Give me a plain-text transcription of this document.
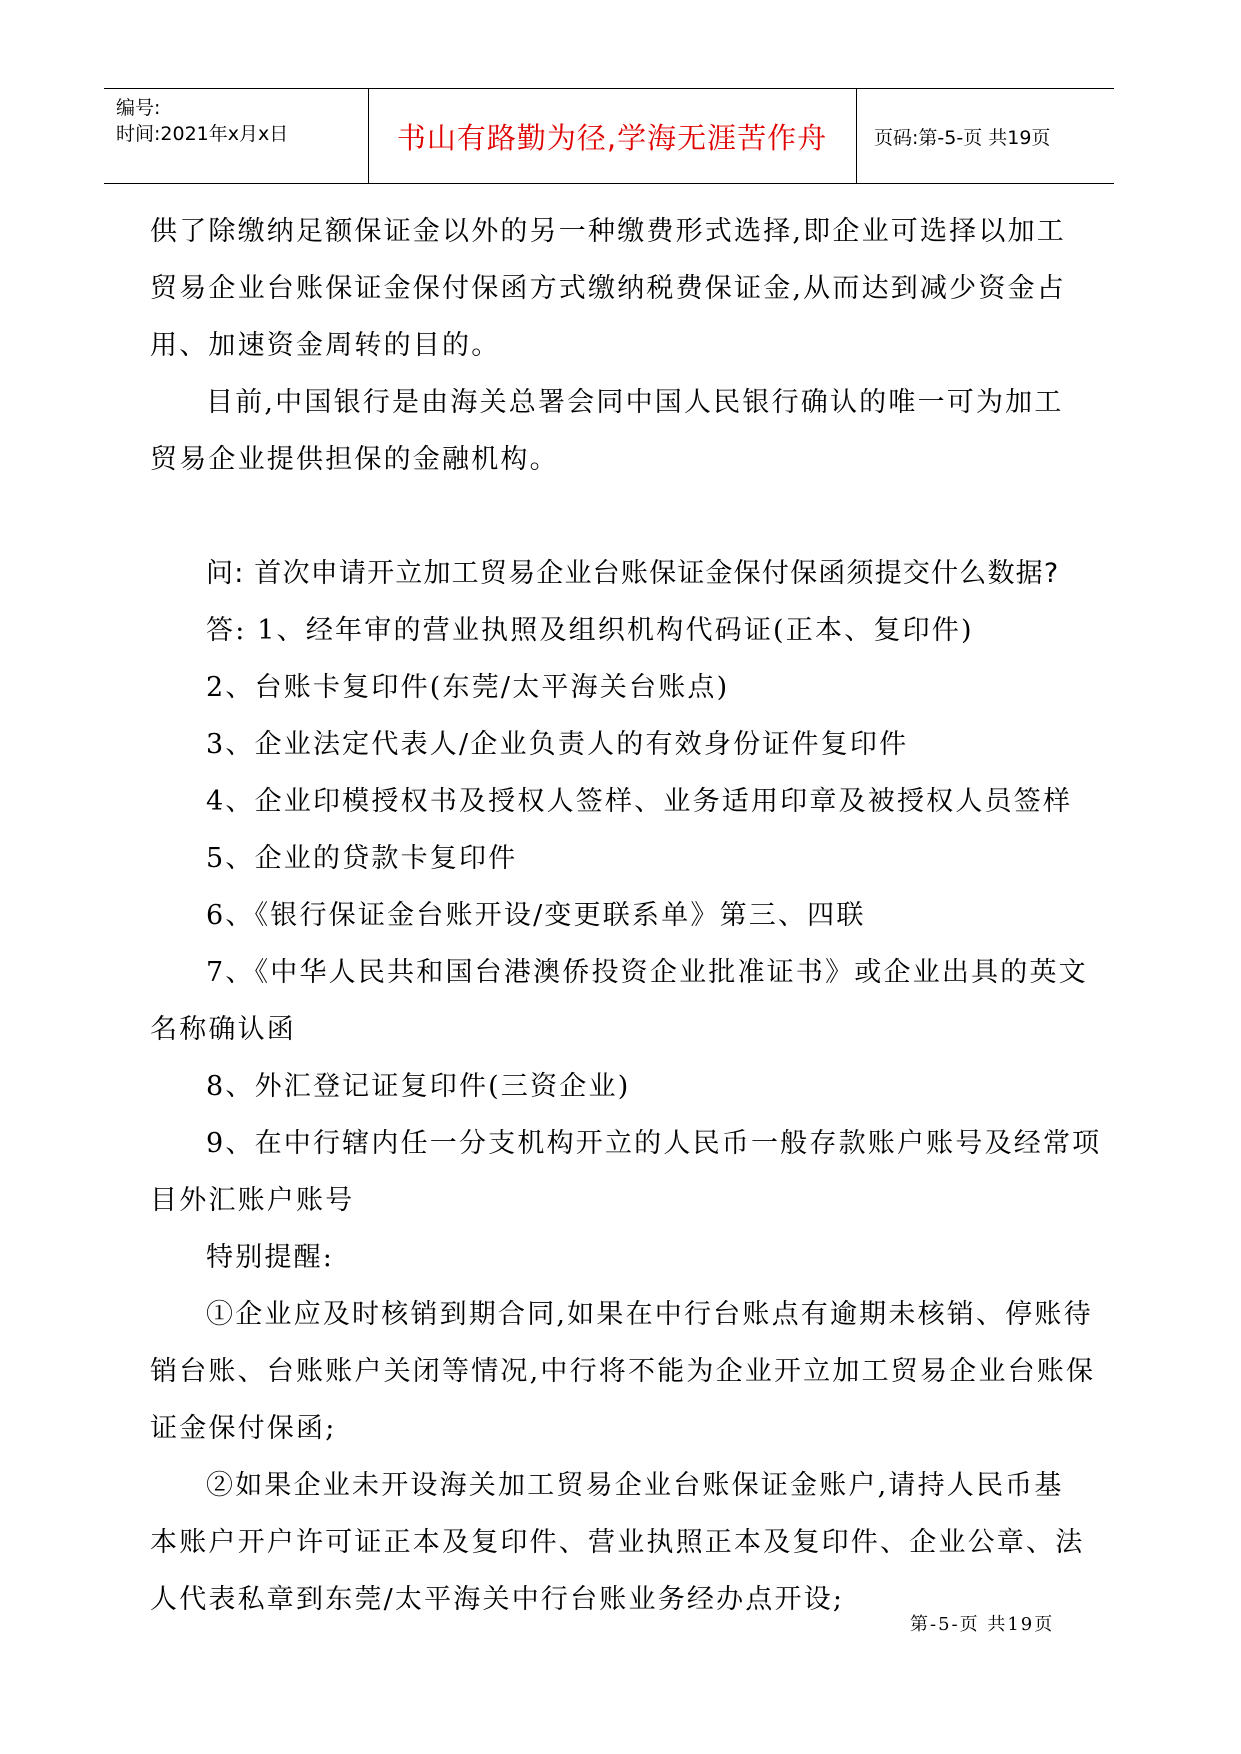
编号:
时间:2021年x月x日	书山有路勤为径,学海无涯苦作舟	页码:第-5-页 共19页
供了除缴纳足额保证金以外的另一种缴费形式选择,即企业可选择以加工
贸易企业台账保证金保付保函方式缴纳税费保证金,从而达到减少资金占
用、加速资金周转的目的。
目前,中国银行是由海关总署会同中国人民银行确认的唯一可为加工
贸易企业提供担保的金融机构。
问: 首次申请开立加工贸易企业台账保证金保付保函须提交什么数据?
答: 1、经年审的营业执照及组织机构代码证(正本、复印件)
2、台账卡复印件(东莞/太平海关台账点)
3、企业法定代表人/企业负责人的有效身份证件复印件
4、企业印模授权书及授权人签样、业务适用印章及被授权人员签样
5、企业的贷款卡复印件
6、《银行保证金台账开设/变更联系单》第三、四联
7、《中华人民共和国台港澳侨投资企业批准证书》或企业出具的英文
名称确认函
8、外汇登记证复印件(三资企业)
9、在中行辖内任一分支机构开立的人民币一般存款账户账号及经常项
目外汇账户账号
特别提醒:
①企业应及时核销到期合同,如果在中行台账点有逾期未核销、停账待
销台账、台账账户关闭等情况,中行将不能为企业开立加工贸易企业台账保
证金保付保函;
②如果企业未开设海关加工贸易企业台账保证金账户,请持人民币基
本账户开户许可证正本及复印件、营业执照正本及复印件、企业公章、法
人代表私章到东莞/太平海关中行台账业务经办点开设;
第-5-页 共19页
